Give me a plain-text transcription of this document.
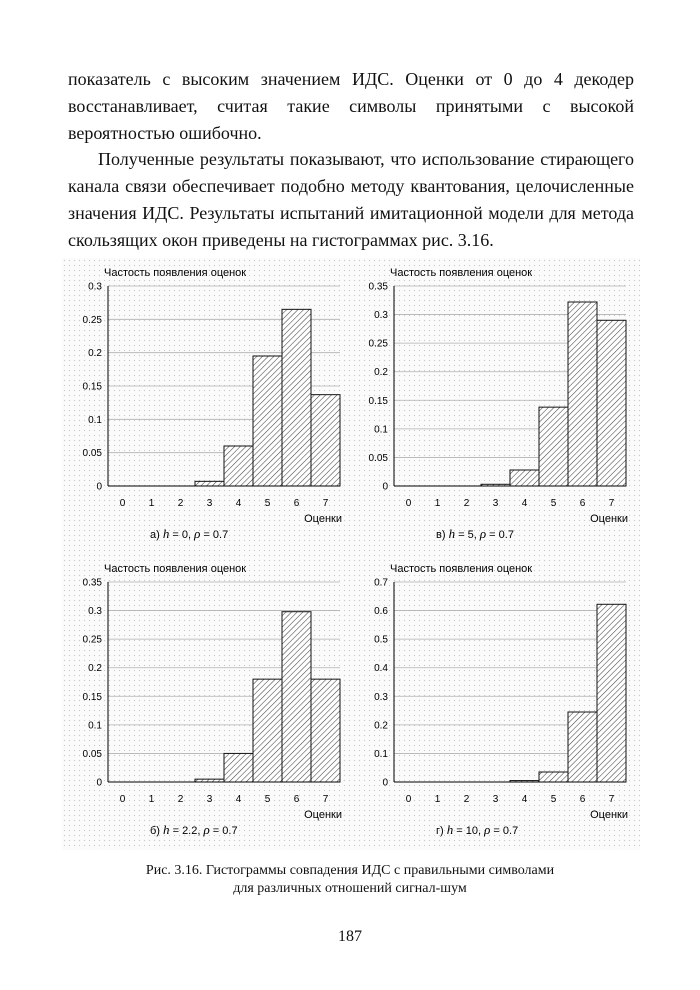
показатель с высоким значением ИДС. Оценки от 0 до 4 декодер восстанавливает, считая такие символы принятыми с высокой вероятностью ошибочно.

Полученные результаты показывают, что использование стирающего канала связи обеспечивает подобно методу квантования, целочисленные значения ИДС. Результаты испытаний имитационной модели для метода скользящих окон приведены на гистограммах рис. 3.16.

Частость появления оценок
0
0.05
0.1
0.15
0.2
0.25
0.3
0 1 2 3 4 5 6 7
Оценки
а) h = 0, ρ = 0.7
Частость появления оценок
0
0.05
0.1
0.15
0.2
0.25
0.3
0.35
0 1 2 3 4 5 6 7
Оценки
в) h = 5, ρ = 0.7
Частость появления оценок
0
0.05
0.1
0.15
0.2
0.25
0.3
0.35
0 1 2 3 4 5 6 7
Оценки
б) h = 2.2, ρ = 0.7
Частость появления оценок
0
0.1
0.2
0.3
0.4
0.5
0.6
0.7
0 1 2 3 4 5 6 7
Оценки
г) h = 10, ρ = 0.7

Рис. 3.16. Гистограммы совпадения ИДС с правильными символами
для различных отношений сигнал-шум

187
